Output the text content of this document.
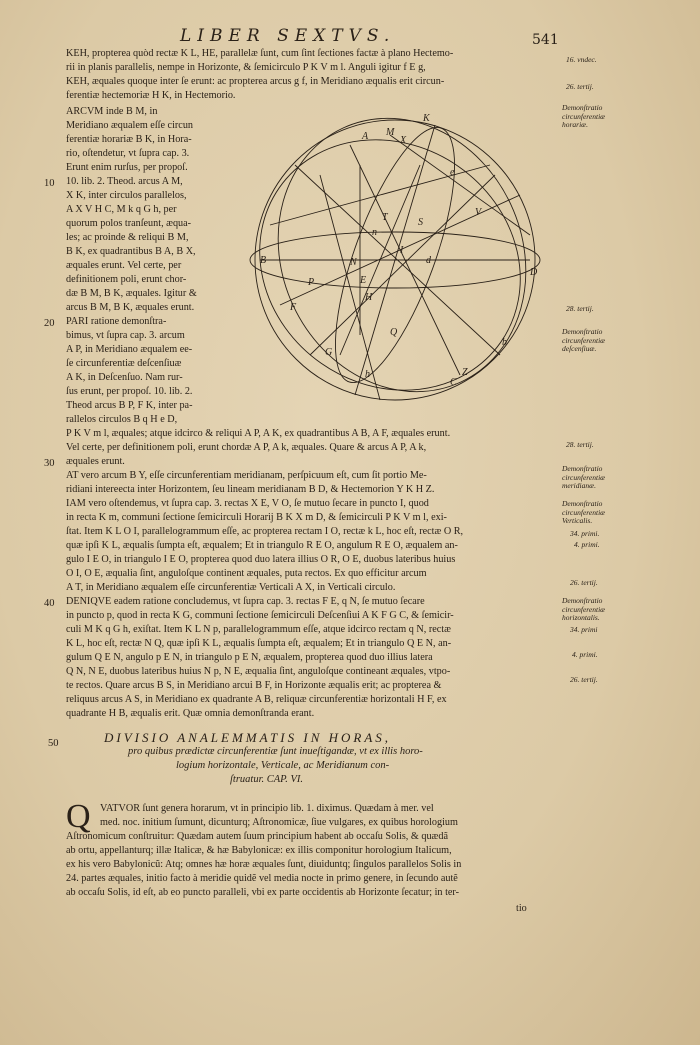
LIBER SEXTVS.	541
KEH, propterea quòd rectæ K L, HE, parallelæ ſunt, cum ſint ſectiones factæ à plano Hectemo-
rii in planis parallelis, nempe in Horizonte, & ſemicirculo P K V m l. Anguli igitur f E g,
KEH, æquales quoque inter ſe erunt: ac propterea arcus g f, in Meridiano æqualis erit circun-
ferentiæ hectemoriæ H K, in Hectemorio.
ARCVM inde B M, in
Meridiano æqualem eſſe circun
ferentiæ horariæ B K, in Hora-
rio, oſtendetur, vt ſupra cap. 3.
Erunt enim rurſus, per propoſ.
10. lib. 2. Theod. arcus A M,
X K, inter circulos parallelos,
A X V H C, M k q G h, per
quorum polos tranſeunt, æqua-
les; ac proinde & reliqui B M,
B K, ex quadrantibus B A, B X,
æquales erunt. Vel certe, per
definitionem poli, erunt chor-
dæ B M, B K, æquales. Igitur &
arcus B M, B K, æquales erunt.
PARI ratione demonſtra-
bimus, vt ſupra cap. 3. arcum
A P, in Meridiano æqualem ee-
ſe circunferentiæ deſcenſiuæ
A K, in Deſcenſuo. Nam rur-
ſus erunt, per propoſ. 10. lib. 2.
Theod arcus B P, F K, inter pa-
rallelos circulos B q H e D,
K
A M
X
B
D
F
N
I
H
E
G
C
h
b
Z
Q
P
V
T	S
d
e
n
P K V m l, æquales; atque idcirco & reliqui A P, A K, ex quadrantibus A B, A F, æquales erunt.
Vel certe, per definitionem poli, erunt chordæ A P, A k, æquales. Quare & arcus A P, A k,
æquales erunt.
AT vero arcum B Y, eſſe circunferentiam meridianam, perſpicuum eſt, cum ſit portio Me-
ridiani intereecta inter Horizontem, ſeu lineam meridianam B D, & Hectemorion Y K H Z.
IAM vero oſtendemus, vt ſupra cap. 3. rectas X E, V O, ſe mutuo ſecare in puncto I, quod
in recta K m, communi ſectione ſemicirculi Horarij B K X m D, & ſemicirculi P K V m l, exi-
ſtat. Item K L O I, parallelogrammum eſſe, ac propterea rectam I O, rectæ k L, hoc eſt, rectæ O R,
quæ ipſi K L, æqualis ſumpta eſt, æqualem; Et in triangulo R E O, angulum R E O, æqualem an-
gulo I E O, in triangulo I E O, propterea quod duo latera illius O R, O E, duobus lateribus huius
O I, O E, æqualia ſint, anguloſque continent æquales, puta rectos. Ex quo efficitur arcum
A T, in Meridiano æqualem eſſe circunferentiæ Verticali A X, in Verticali circulo.
DENIQVE eadem ratione concludemus, vt ſupra cap. 3. rectas F E, q N, ſe mutuo ſecare
in puncto p, quod in recta K G, communi ſectione ſemicirculi Deſcenſiui A K F G C, & ſemicir-
culi M K q G h, exiſtat. Item K L N p, parallelogrammum eſſe, atque idcirco rectam q N, rectæ
K L, hoc eſt, rectæ N Q, quæ ipſi K L, æqualis ſumpta eſt, æqualem; Et in triangulo Q E N, an-
gulum Q E N, angulo p E N, in triangulo p E N, æqualem, propterea quod duo illius latera
Q N, N E, duobus lateribus huius N p, N E, æqualia ſint, anguloſque contineant æquales, vtpo-
te rectos. Quare arcus B S, in Meridiano arcui B F, in Horizonte æqualis erit; ac propterea &
reliquus arcus A S, in Meridiano ex quadrante A B, reliquæ circunferentiæ horizontali H F, ex
quadrante H B, æqualis erit. Quæ omnia demonſtranda erant.
DIVISIO ANALEMMATIS IN HORAS,
pro quibus prædictæ circunferentiæ ſunt inueſtigandæ, vt ex illis horo-
logium horizontale, Verticale, ac Meridianum con-
ſtruatur. CAP. VI.
Q VATVOR ſunt genera horarum, vt in principio lib. 1. diximus. Quædam à mer. vel
med. noc. initium ſumunt, dicunturq; Aſtronomicæ, ſiue vulgares, ex quibus horologium
Aſtronomicum conſtruitur: Quædam autem ſuum principium habent ab occaſu Solis, & quædã
ab ortu, appellanturq; illæ Italicæ, & hæ Babylonicæ: ex illis componitur horologium Italicum,
ex his vero Babylonicũ: Atq; omnes hæ horæ æquales ſunt, diuiduntq; ſingulos parallelos Solis in
24. partes æquales, initio facto à meridie quidẽ vel media nocte in primo genere, in ſecundo autẽ
ab occaſu Solis, id eſt, ab eo puncto paralleli, vbi ex parte occidentis ab Horizonte ſecatur; in ter-
tio
16. vndec.
26. tertij.
Demonſtratio circunferentiæ horariæ.
28. tertij.
Demonſtratio circunferentiæ deſcenſiuæ.
28. tertij.
Demonſtratio circunferentiæ meridianæ.
Demonſtratio circunferentiæ Verticalis.
34. primi.
4. primi.
26. tertij.
Demonſtratio circunferentiæ horizontalis.
34. primi
4. primi.
26. tertij.
10
20
30
40
50
